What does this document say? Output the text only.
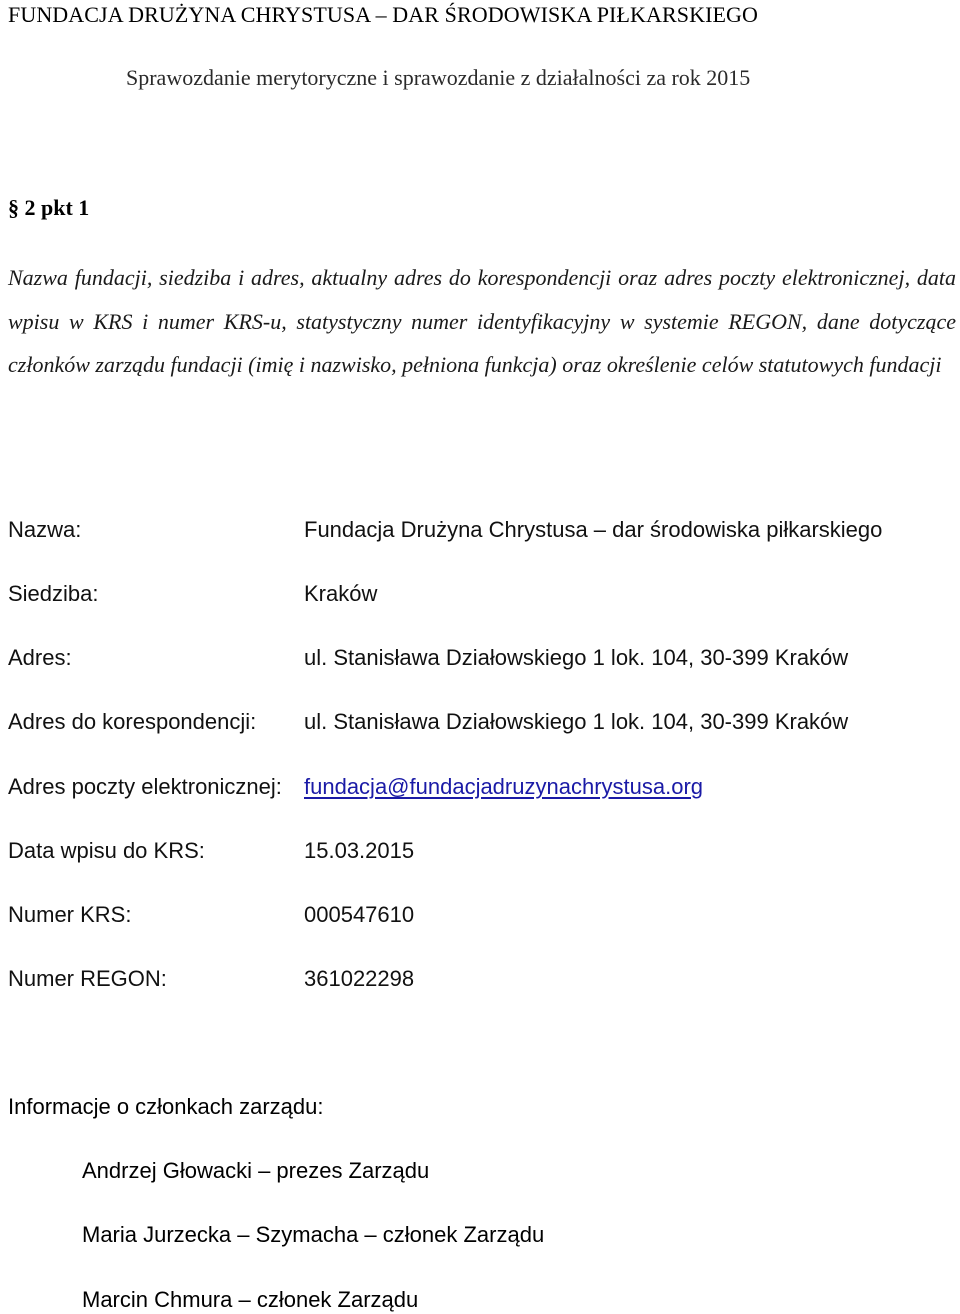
FUNDACJA DRUŻYNA CHRYSTUSA – DAR ŚRODOWISKA PIŁKARSKIEGO
Sprawozdanie merytoryczne i sprawozdanie z działalności za rok 2015
§ 2 pkt 1
Nazwa fundacji, siedziba i adres, aktualny adres do korespondencji oraz adres poczty elektronicznej, data wpisu w KRS i numer KRS-u, statystyczny numer identyfikacyjny w systemie REGON, dane dotyczące członków zarządu fundacji (imię i nazwisko, pełniona funkcja) oraz określenie celów statutowych fundacji
Nazwa:	Fundacja Drużyna Chrystusa – dar środowiska piłkarskiego
Siedziba:	Kraków
Adres:	ul. Stanisława Działowskiego 1 lok. 104, 30-399 Kraków
Adres do korespondencji: ul. Stanisława Działowskiego 1 lok. 104, 30-399 Kraków
Adres poczty elektronicznej: fundacja@fundacjadruzynachrystusa.org
Data wpisu do KRS:	15.03.2015
Numer KRS:	000547610
Numer REGON:	361022298
Informacje o członkach zarządu:
Andrzej Głowacki – prezes Zarządu
Maria Jurzecka – Szymacha – członek Zarządu
Marcin Chmura – członek Zarządu
